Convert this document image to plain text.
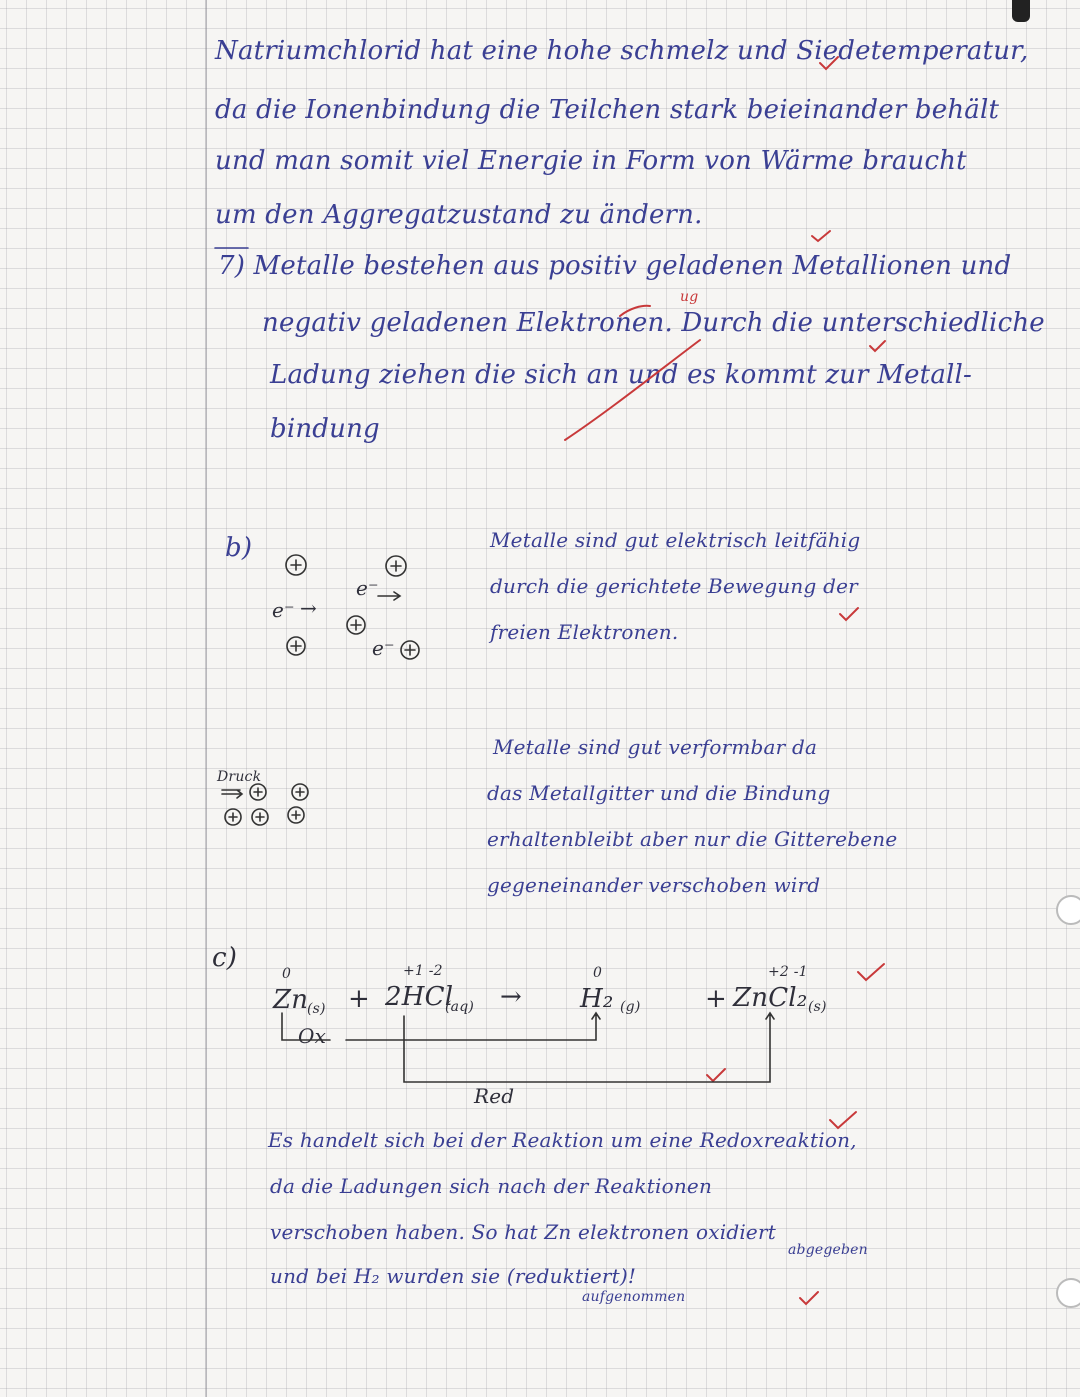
Natriumchlorid hat eine hohe schmelz und Siedetemperatur,
da die Ionenbindung die Teilchen stark beieinander behält
und man somit viel Energie in Form von Wärme braucht
um den Aggregatzustand zu ändern.
7) Metalle bestehen aus positiv geladenen Metallionen und
negativ geladenen Elektronen. Durch die unterschiedliche
Ladung ziehen die sich an und es kommt zur Metall-
bindung
ug
b)	Metalle sind gut elektrisch leitfähig
durch die gerichtete Bewegung der
freien Elektronen.
e⁻ →
e⁻
e⁻
Druck
Metalle sind gut verformbar da
das Metallgitter und die Bindung
erhaltenbleibt aber nur die Gitterebene
gegeneinander verschoben wird
c)
0
Zn
(s) +
+1 -2
2HCl
(aq) →
0
H₂ (g) +
+2 -1
ZnCl₂ (s)
Ox
Red
Es handelt sich bei der Reaktion um eine Redoxreaktion,
da die Ladungen sich nach der Reaktionen
verschoben haben. So hat Zn elektronen oxidiert
abgegeben
und bei H₂ wurden sie (reduktiert)!
aufgenommen
